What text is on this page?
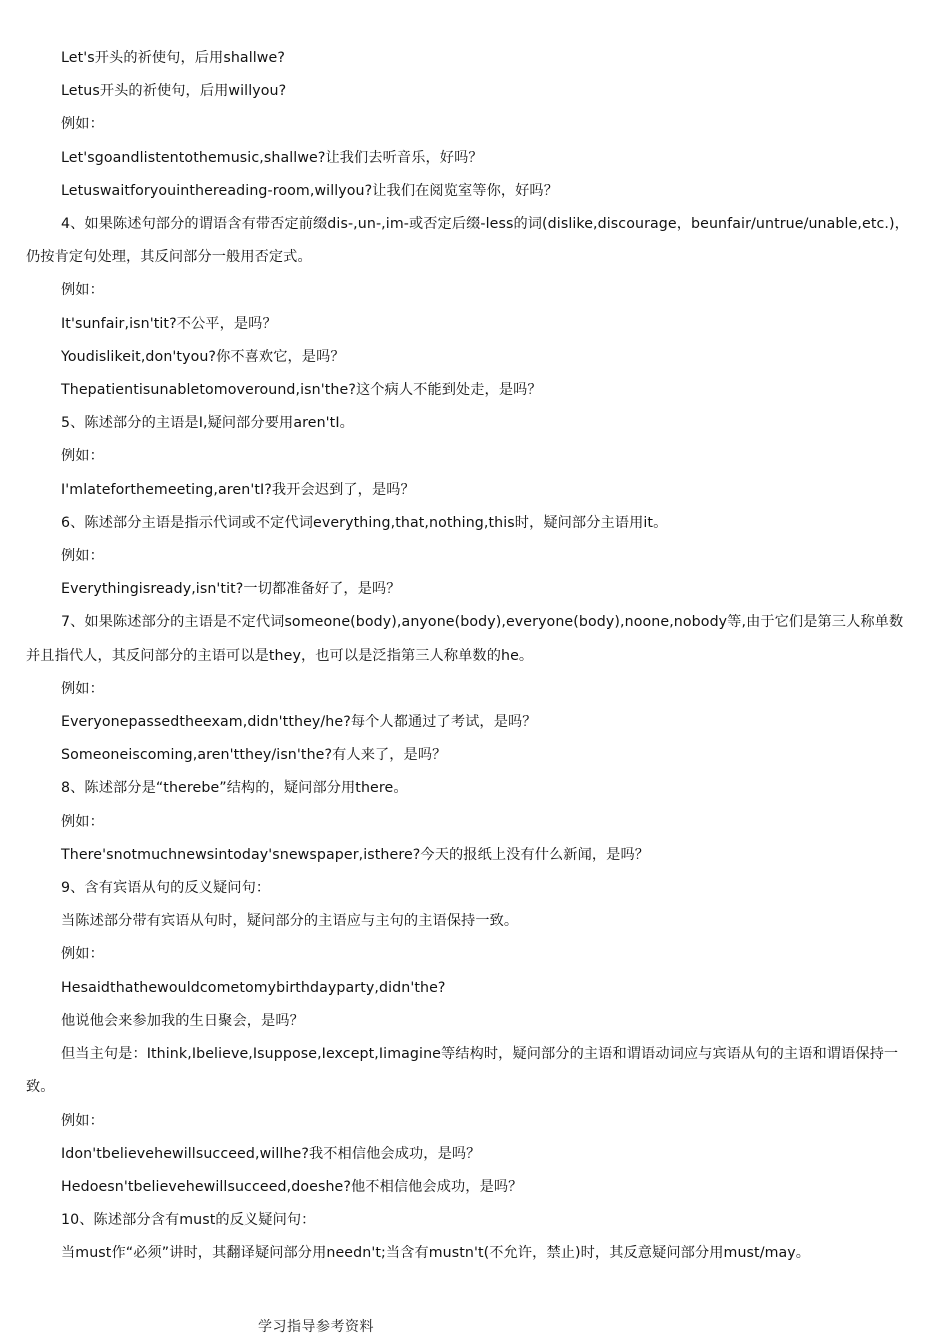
Let's开头的祈使句，后用shallwe?

Letus开头的祈使句，后用willyou?

例如：

Let'sgoandlistentothemusic,shallwe?让我们去听音乐，好吗？

Letuswaitforyouinthereading-room,willyou?让我们在阅览室等你，好吗？

4、如果陈述句部分的谓语含有带否定前缀dis-,un-,im-或否定后缀-less的词(dislike,discourage，beunfair/untrue/unable,etc.)，仍按肯定句处理，其反问部分一般用否定式。

例如：

It'sunfair,isn'tit?不公平，是吗？

Youdislikeit,don'tyou?你不喜欢它，是吗？

Thepatientisunabletomoveround,isn'the?这个病人不能到处走，是吗？

5、陈述部分的主语是I,疑问部分要用aren'tI。

例如：

I'mlateforthemeeting,aren'tI?我开会迟到了，是吗？

6、陈述部分主语是指示代词或不定代词everything,that,nothing,this时，疑问部分主语用it。

例如：

Everythingisready,isn'tit?一切都准备好了，是吗？

7、如果陈述部分的主语是不定代词someone(body),anyone(body),everyone(body),noone,nobody等,由于它们是第三人称单数并且指代人，其反问部分的主语可以是they，也可以是泛指第三人称单数的he。

例如：

Everyonepassedtheexam,didn'tthey/he?每个人都通过了考试，是吗？

Someoneiscoming,aren'tthey/isn'the?有人来了，是吗？

8、陈述部分是“therebe”结构的，疑问部分用there。

例如：

There'snotmuchnewsintoday'snewspaper,isthere?今天的报纸上没有什么新闻，是吗？

9、含有宾语从句的反义疑问句：

当陈述部分带有宾语从句时，疑问部分的主语应与主句的主语保持一致。

例如：

Hesaidthathewouldcometomybirthdayparty,didn'the?

他说他会来参加我的生日聚会，是吗？

但当主句是：Ithink,Ibelieve,Isuppose,Iexcept,Iimagine等结构时，疑问部分的主语和谓语动词应与宾语从句的主语和谓语保持一致。

例如：

Idon'tbelievehewillsucceed,willhe?我不相信他会成功，是吗？

Hedoesn'tbelievehewillsucceed,doeshe?他不相信他会成功，是吗？

10、陈述部分含有must的反义疑问句：

当must作“必须”讲时，其翻译疑问部分用needn't;当含有mustn't(不允许，禁止)时，其反意疑问部分用must/may。

学习指导参考资料
